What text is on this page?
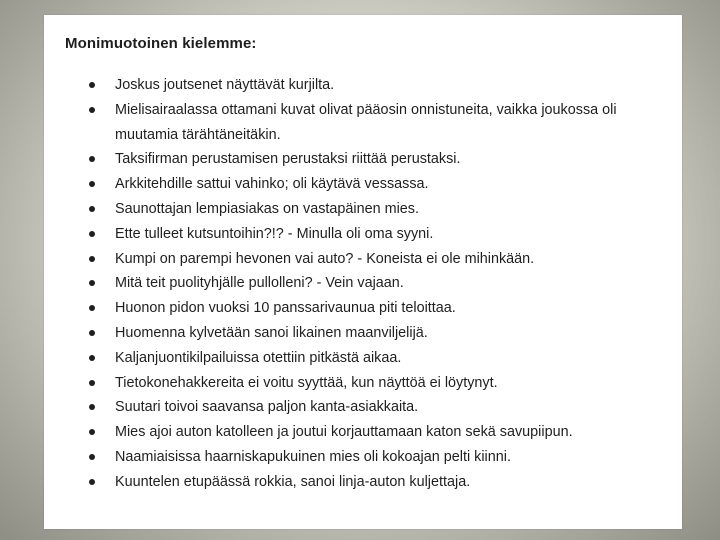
Monimuotoinen kielemme:
Joskus joutsenet näyttävät kurjilta.
Mielisairaalassa ottamani kuvat olivat pääosin onnistuneita, vaikka joukossa oli muutamia tärähtäneitäkin.
Taksifirman perustamisen perustaksi riittää perustaksi.
Arkkitehdille sattui vahinko; oli käytävä vessassa.
Saunottajan lempiasiakas on vastapäinen mies.
Ette tulleet kutsuntoihin?!? - Minulla oli oma syyni.
Kumpi on parempi hevonen vai auto? - Koneista ei ole mihinkään.
Mitä teit puolityhjälle pullolleni? - Vein vajaan.
Huonon pidon vuoksi 10 panssarivaunua piti teloittaa.
Huomenna kylvetään sanoi likainen maanviljelijä.
Kaljanjuontikilpailuissa otettiin pitkästä aikaa.
Tietokonehakkereita ei voitu syyttää, kun näyttöä ei löytynyt.
Suutari toivoi saavansa paljon kanta-asiakkaita.
Mies ajoi auton katolleen ja joutui korjauttamaan katon sekä savupiipun.
Naamiaisissa haarniskapukuinen mies oli kokoajan pelti kiinni.
Kuuntelen etupäässä rokkia, sanoi linja-auton kuljettaja.
